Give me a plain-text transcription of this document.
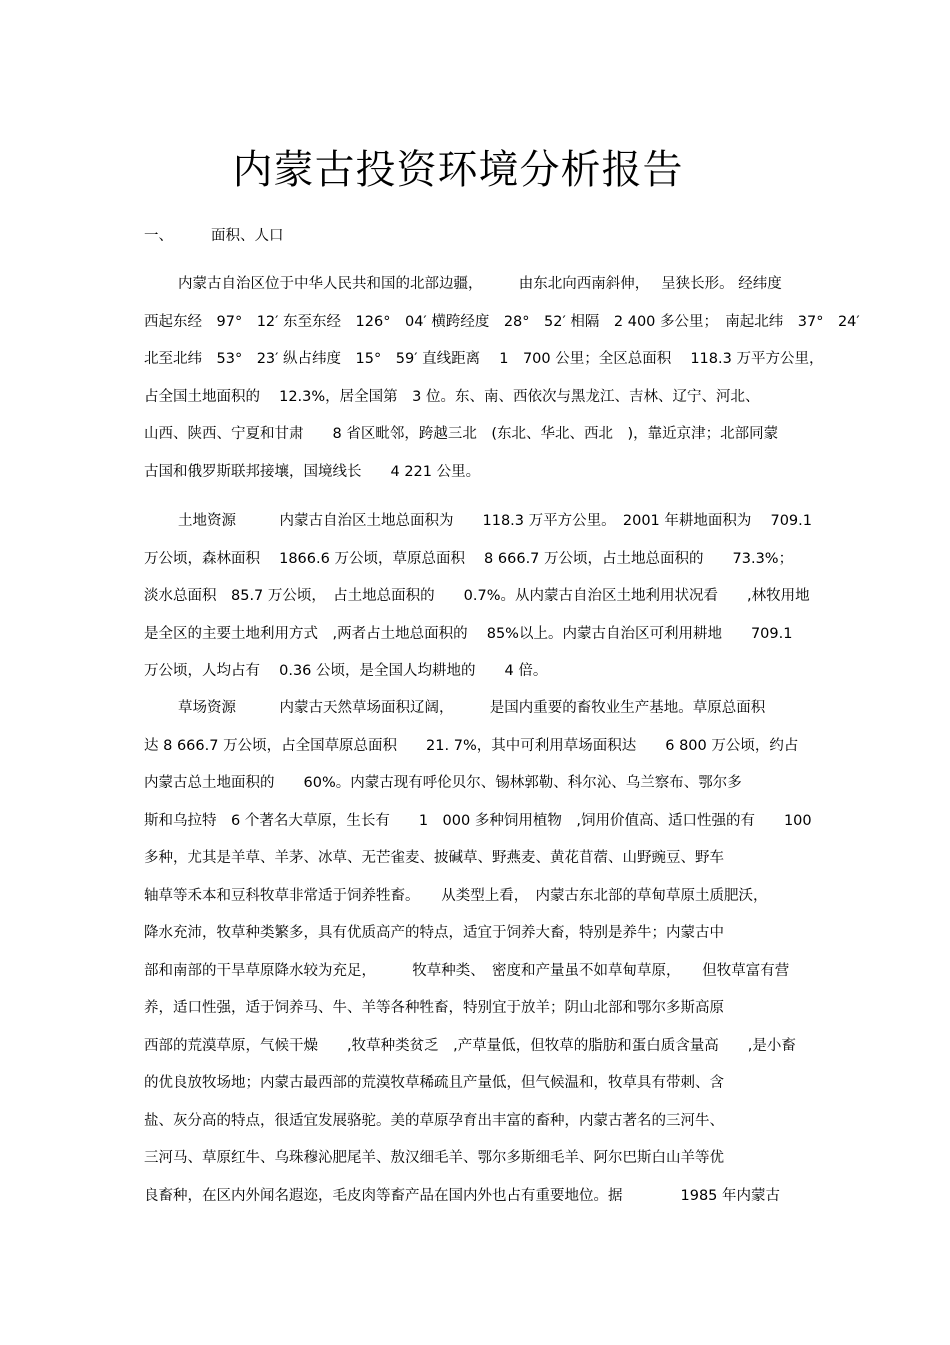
内蒙古投资环境分析报告
一、	面积、人口
内蒙古自治区位于中华人民共和国的北部边疆，　　　由东北向西南斜伸，　 呈狭长形。 经纬度
西起东经　97°　12′ 东至东经　126°　04′ 横跨经度　28°　52′ 相隔　2 400 多公里；　南起北纬　37°　24′
北至北纬　53°　23′ 纵占纬度　15°　59′ 直线距离　 1　700 公里；全区总面积　 118.3 万平方公里，
占全国土地面积的　 12.3%，居全国第　3 位。东、南、西依次与黑龙江、吉林、辽宁、河北、
山西、陕西、宁夏和甘肃　　8 省区毗邻，跨越三北　(东北、华北、西北　)，靠近京津；北部同蒙
古国和俄罗斯联邦接壤，国境线长　　4 221 公里。
土地资源　　　内蒙古自治区土地总面积为　　118.3 万平方公里。　2001 年耕地面积为　 709.1
万公顷，森林面积　 1866.6 万公顷，草原总面积　 8 666.7 万公顷，占土地总面积的　　73.3%；
淡水总面积　85.7 万公顷，　占土地总面积的　　0.7%。从内蒙古自治区土地利用状况看　　,林牧用地
是全区的主要土地利用方式　,两者占土地总面积的　 85%以上。内蒙古自治区可利用耕地　　709.1
万公顷，人均占有　 0.36 公顷，是全国人均耕地的　　4 倍。
草场资源　　　内蒙古天然草场面积辽阔，　　　是国内重要的畜牧业生产基地。草原总面积
达 8 666.7 万公顷，占全国草原总面积　　21. 7%，其中可利用草场面积达　　6 800 万公顷，约占
内蒙古总土地面积的　　60%。内蒙古现有呼伦贝尔、锡林郭勒、科尔沁、乌兰察布、鄂尔多
斯和乌拉特　6 个著名大草原，生长有　　1　000 多种饲用植物　,饲用价值高、适口性强的有　　100
多种，尤其是羊草、羊茅、冰草、无芒雀麦、披碱草、野燕麦、黄花苜蓿、山野豌豆、野车
轴草等禾本和豆科牧草非常适于饲养牲畜。　　从类型上看，　内蒙古东北部的草甸草原土质肥沃，
降水充沛，牧草种类繁多，具有优质高产的特点，适宜于饲养大畜，特别是养牛；内蒙古中
部和南部的干旱草原降水较为充足，　　　牧草种类、　密度和产量虽不如草甸草原，　　但牧草富有营
养，适口性强，适于饲养马、牛、羊等各种牲畜，特别宜于放羊；阴山北部和鄂尔多斯高原
西部的荒漠草原，气候干燥　　,牧草种类贫乏　,产草量低，但牧草的脂肪和蛋白质含量高　　,是小畜
的优良放牧场地；内蒙古最西部的荒漠牧草稀疏且产量低，但气候温和，牧草具有带刺、含
盐、灰分高的特点，很适宜发展骆驼。美的草原孕育出丰富的畜种，内蒙古著名的三河牛、
三河马、草原红牛、乌珠穆沁肥尾羊、敖汉细毛羊、鄂尔多斯细毛羊、阿尔巴斯白山羊等优
良畜种，在区内外闻名遐迩，毛皮肉等畜产品在国内外也占有重要地位。据　　　　1985 年内蒙古
